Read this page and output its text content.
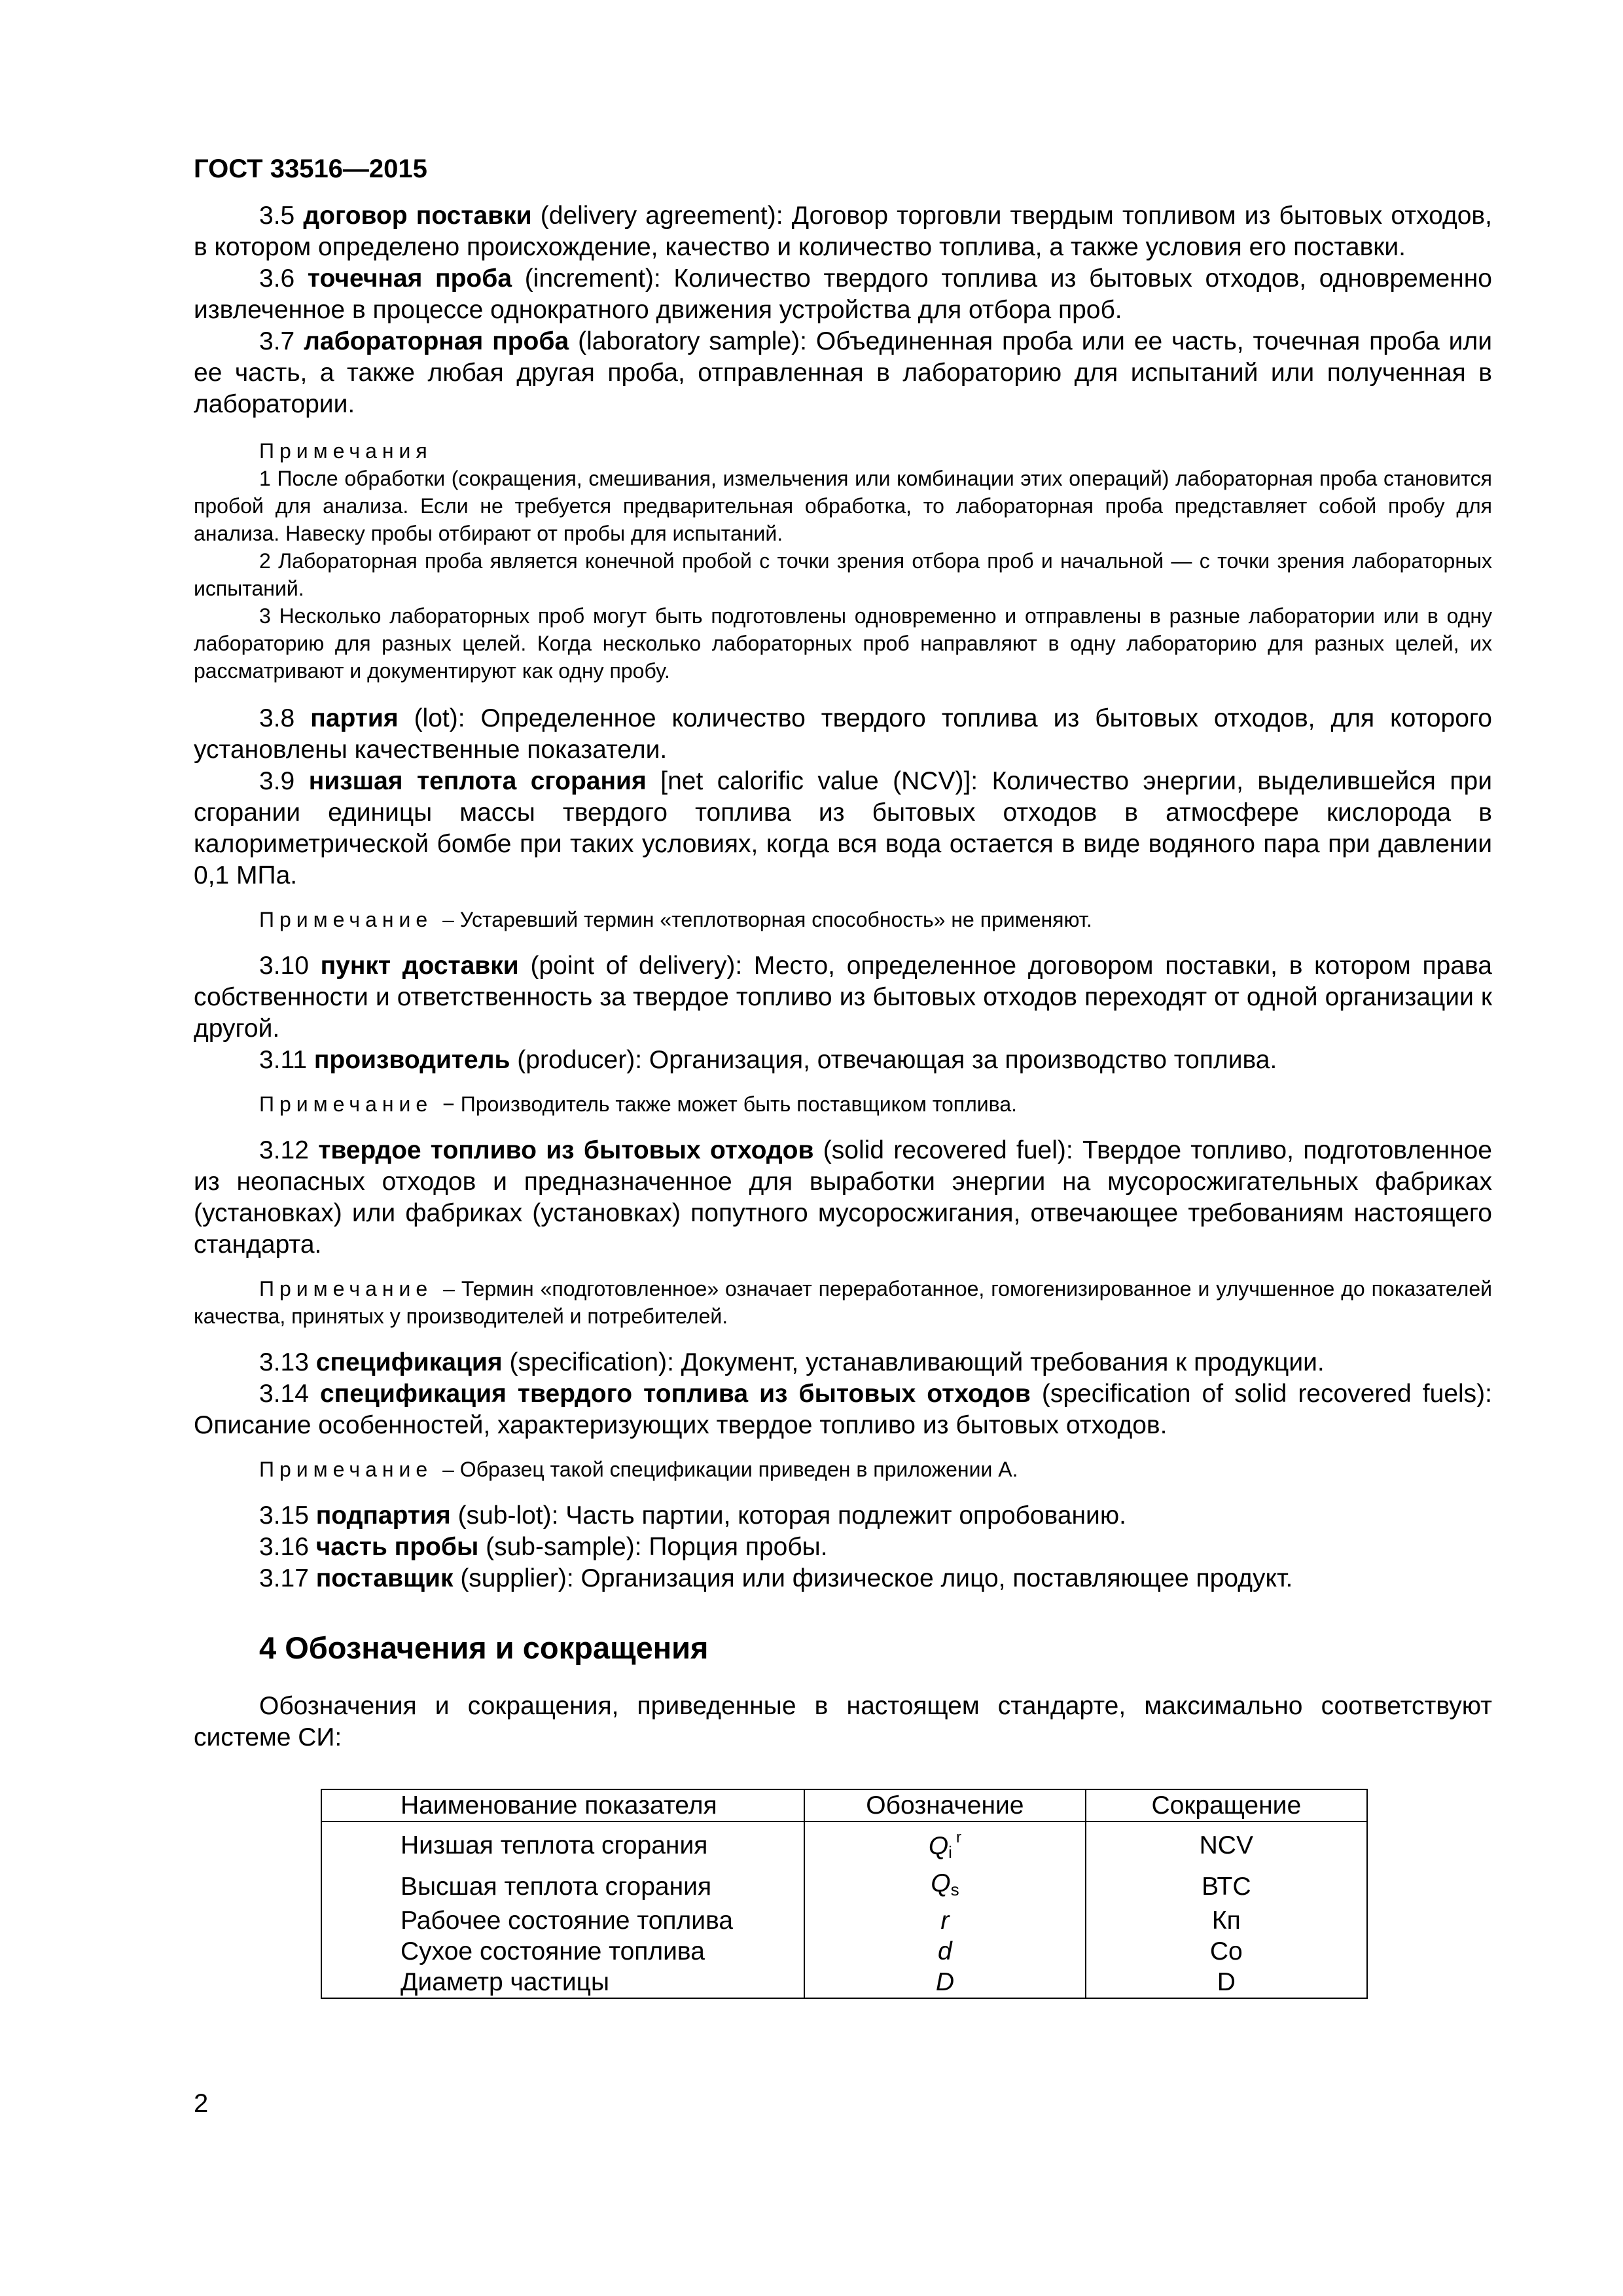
ГОСТ 33516—2015

3.5 договор поставки (delivery agreement): Договор торговли твердым топливом из бытовых отходов, в котором определено происхождение, качество и количество топлива, а также условия его поставки.

3.6 точечная проба (increment): Количество твердого топлива из бытовых отходов, одновременно извлеченное в процессе однократного движения устройства для отбора проб.

3.7 лабораторная проба (laboratory sample): Объединенная проба или ее часть, точечная проба или ее часть, а также любая другая проба, отправленная в лабораторию для испытаний или полученная в лаборатории.

Примечания

1 После обработки (сокращения, смешивания, измельчения или комбинации этих операций) лабораторная проба становится пробой для анализа. Если не требуется предварительная обработка, то лабораторная проба представляет собой пробу для анализа. Навеску пробы отбирают от пробы для испытаний.

2 Лабораторная проба является конечной пробой с точки зрения отбора проб и начальной — с точки зрения лабораторных испытаний.

3 Несколько лабораторных проб могут быть подготовлены одновременно и отправлены в разные лаборатории или в одну лабораторию для разных целей. Когда несколько лабораторных проб направляют в одну лабораторию для разных целей, их рассматривают и документируют как одну пробу.

3.8 партия (lot): Определенное количество твердого топлива из бытовых отходов, для которого установлены качественные показатели.

3.9 низшая теплота сгорания [net calorific value (NCV)]: Количество энергии, выделившейся при сгорании единицы массы твердого топлива из бытовых отходов в атмосфере кислорода в калориметрической бомбе при таких условиях, когда вся вода остается в виде водяного пара при давлении 0,1 МПа.

Примечание – Устаревший термин «теплотворная способность» не применяют.

3.10 пункт доставки (point of delivery): Место, определенное договором поставки, в котором права собственности и ответственность за твердое топливо из бытовых отходов переходят от одной организации к другой.

3.11 производитель (producer): Организация, отвечающая за производство топлива.

Примечание − Производитель также может быть поставщиком топлива.

3.12 твердое топливо из бытовых отходов (solid recovered fuel): Твердое топливо, подготовленное из неопасных отходов и предназначенное для выработки энергии на мусоросжигательных фабриках (установках) или фабриках (установках) попутного мусоросжигания, отвечающее требованиям настоящего стандарта.

Примечание – Термин «подготовленное» означает переработанное, гомогенизированное и улучшенное до показателей качества, принятых у производителей и потребителей.

3.13 спецификация (specification): Документ, устанавливающий требования к продукции.

3.14 спецификация твердого топлива из бытовых отходов (specification of solid recovered fuels): Описание особенностей, характеризующих твердое топливо из бытовых отходов.

Примечание – Образец такой спецификации приведен в приложении А.

3.15 подпартия (sub-lot): Часть партии, которая подлежит опробованию.

3.16 часть пробы (sub-sample): Порция пробы.

3.17 поставщик (supplier): Организация или физическое лицо, поставляющее продукт.

4 Обозначения и сокращения

Обозначения и сокращения, приведенные в настоящем стандарте, максимально соответствуют системе СИ:

Наименование показателя	Обозначение	Сокращение
Низшая теплота сгорания	$Q_i^r$	NCV
Высшая теплота сгорания	$Q_s$	ВТС
Рабочее состояние топлива	r	Кп
Сухое состояние топлива	d	Со
Диаметр частицы	D	D
2
